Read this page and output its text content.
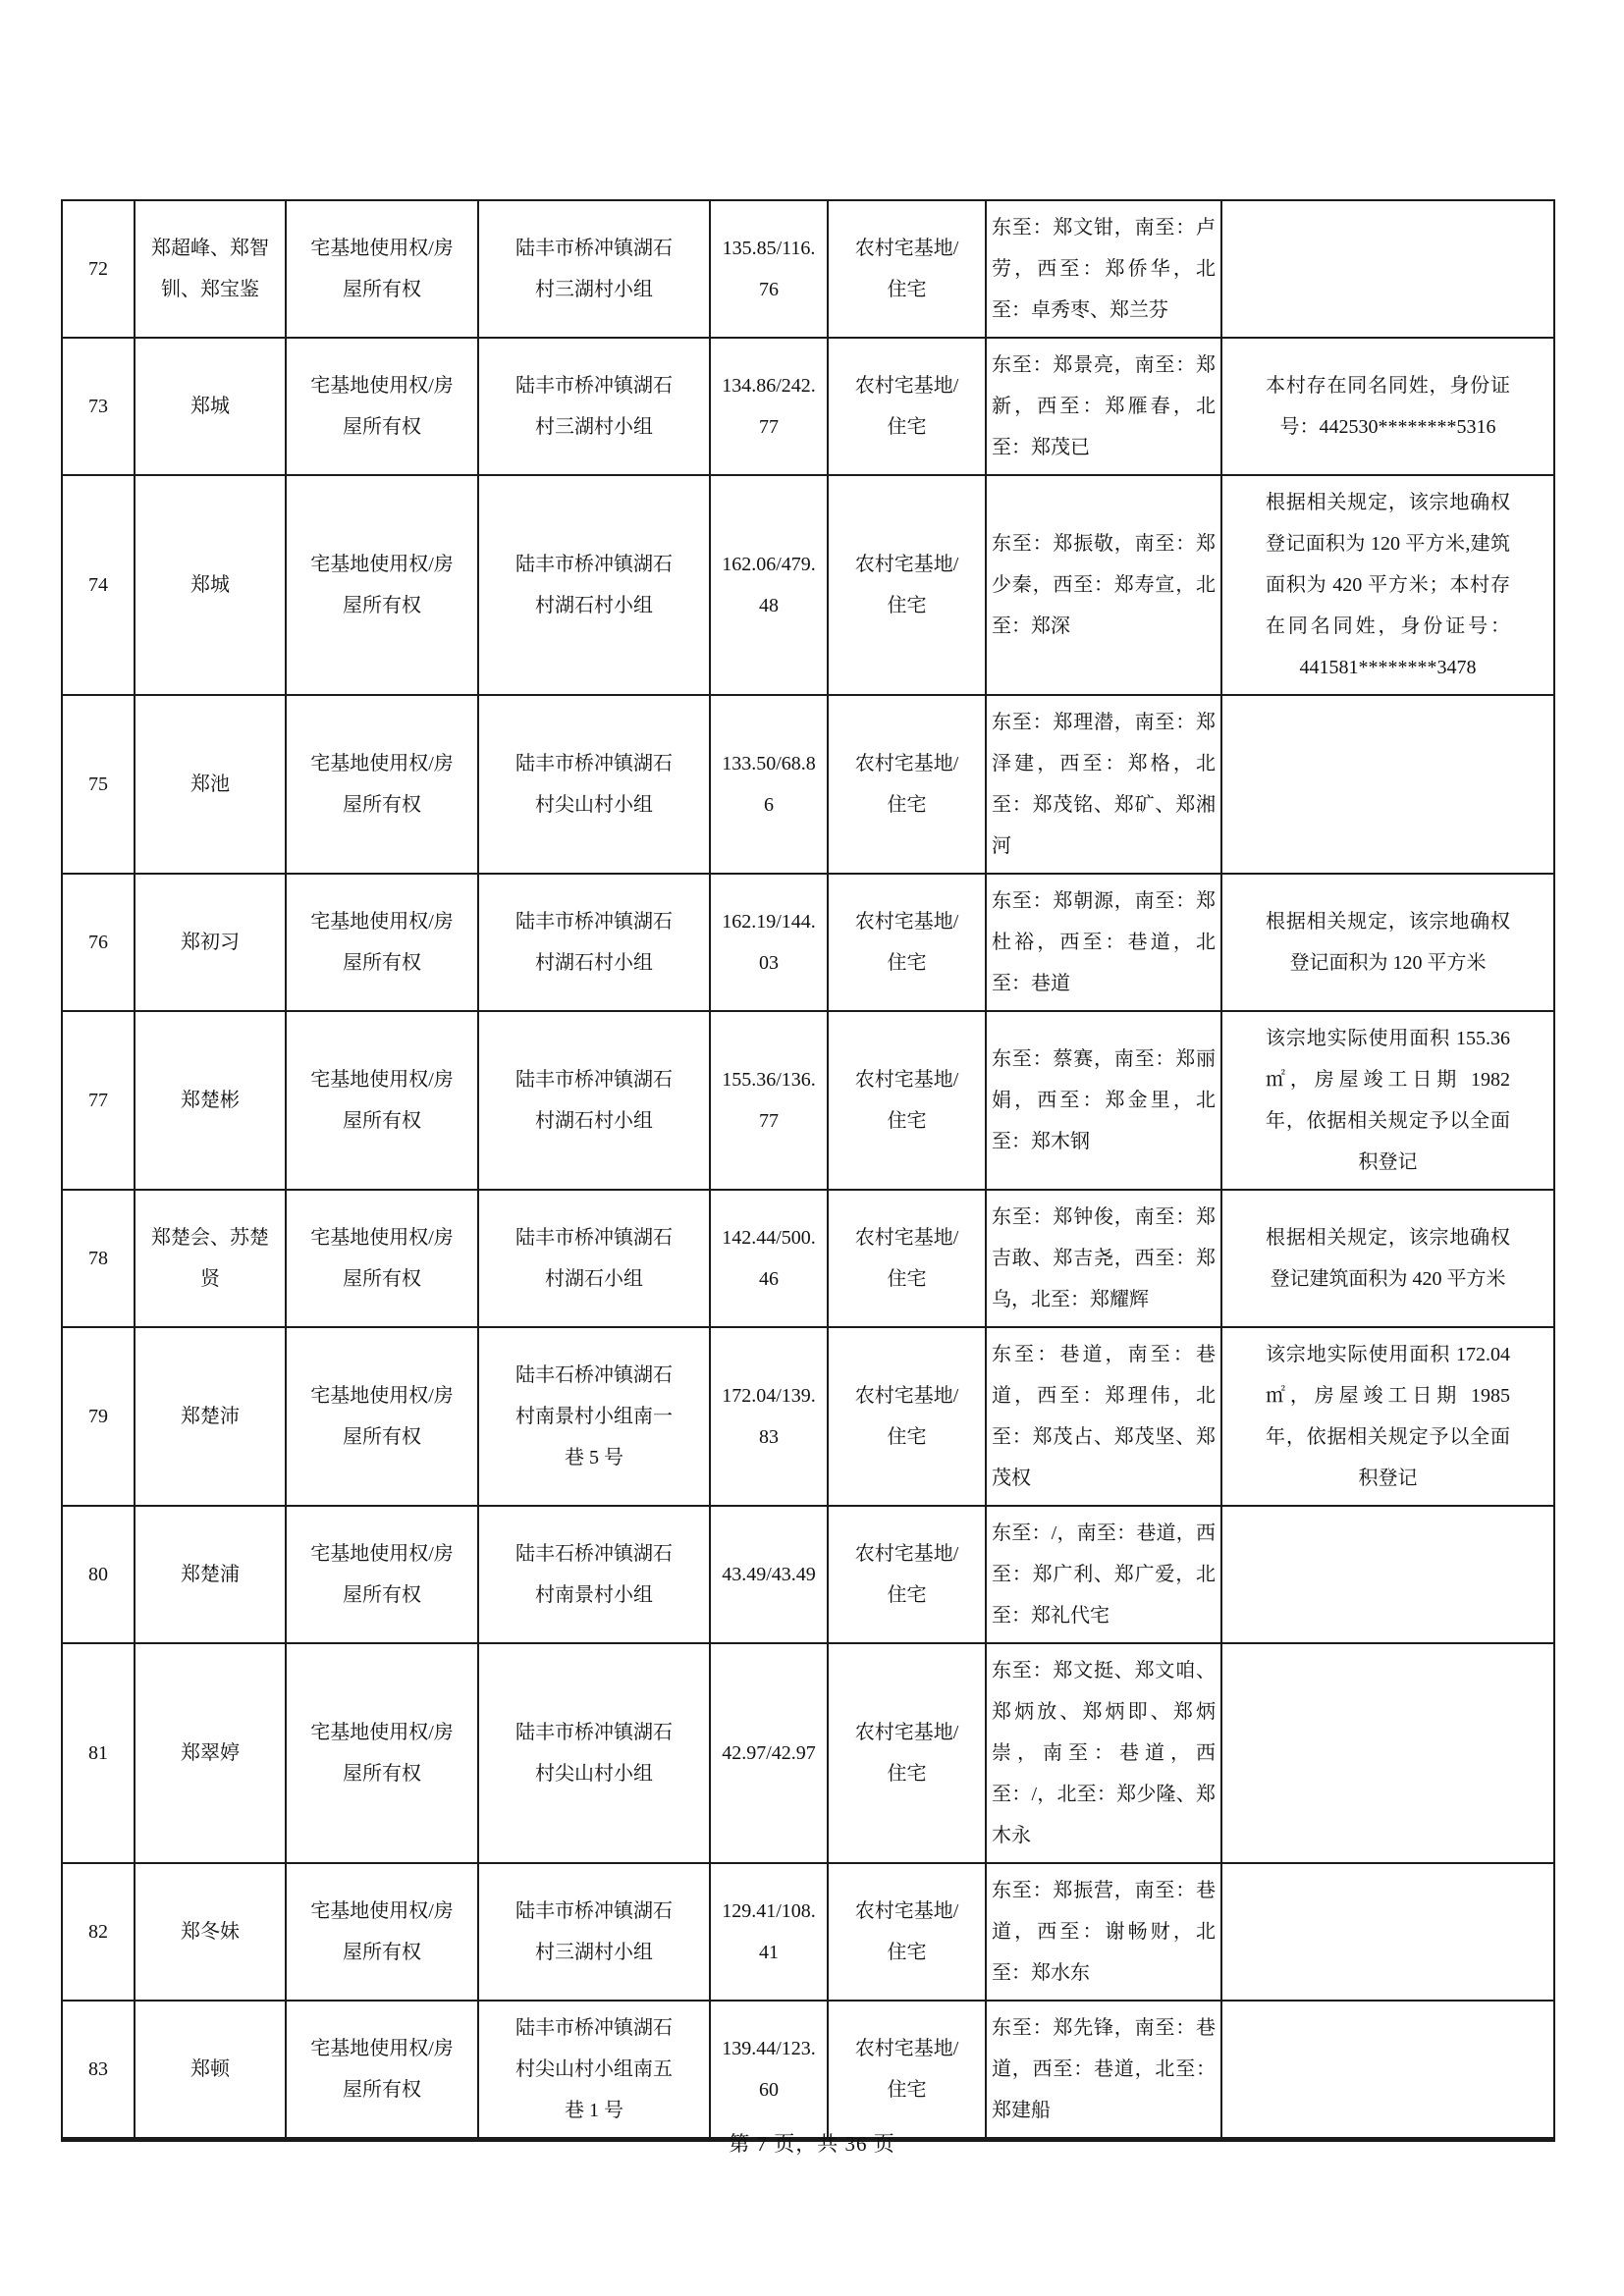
72	郑超峰、郑智钏、郑宝鉴	宅基地使用权/房屋所有权	陆丰市桥冲镇湖石村三湖村小组	135.85/116.76	农村宅基地/住宅	东至：郑文钳，南至：卢劳，西至：郑侨华，北至：卓秀枣、郑兰芬	
73	郑城	宅基地使用权/房屋所有权	陆丰市桥冲镇湖石村三湖村小组	134.86/242.77	农村宅基地/住宅	东至：郑景亮，南至：郑新，西至：郑雁春，北至：郑茂已	本村存在同名同姓，身份证号：442530********5316
74	郑城	宅基地使用权/房屋所有权	陆丰市桥冲镇湖石村湖石村小组	162.06/479.48	农村宅基地/住宅	东至：郑振敬，南至：郑少秦，西至：郑寿宣，北至：郑深	根据相关规定，该宗地确权登记面积为 120 平方米,建筑面积为 420 平方米；本村存在同名同姓，身份证号：441581********3478
75	郑池	宅基地使用权/房屋所有权	陆丰市桥冲镇湖石村尖山村小组	133.50/68.86	农村宅基地/住宅	东至：郑理潜，南至：郑泽建，西至：郑格，北至：郑茂铭、郑矿、郑湘河	
76	郑初习	宅基地使用权/房屋所有权	陆丰市桥冲镇湖石村湖石村小组	162.19/144.03	农村宅基地/住宅	东至：郑朝源，南至：郑杜裕，西至：巷道，北至：巷道	根据相关规定，该宗地确权登记面积为 120 平方米
77	郑楚彬	宅基地使用权/房屋所有权	陆丰市桥冲镇湖石村湖石村小组	155.36/136.77	农村宅基地/住宅	东至：蔡赛，南至：郑丽娟，西至：郑金里，北至：郑木钢	该宗地实际使用面积 155.36㎡，房屋竣工日期 1982 年，依据相关规定予以全面积登记
78	郑楚会、苏楚贤	宅基地使用权/房屋所有权	陆丰市桥冲镇湖石村湖石小组	142.44/500.46	农村宅基地/住宅	东至：郑钟俊，南至：郑吉敢、郑吉尧，西至：郑乌，北至：郑耀辉	根据相关规定，该宗地确权登记建筑面积为 420 平方米
79	郑楚沛	宅基地使用权/房屋所有权	陆丰石桥冲镇湖石村南景村小组南一巷 5 号	172.04/139.83	农村宅基地/住宅	东至：巷道，南至：巷道，西至：郑理伟，北至：郑茂占、郑茂坚、郑茂权	该宗地实际使用面积 172.04㎡，房屋竣工日期 1985 年，依据相关规定予以全面积登记
80	郑楚浦	宅基地使用权/房屋所有权	陆丰石桥冲镇湖石村南景村小组	43.49/43.49	农村宅基地/住宅	东至：/，南至：巷道，西至：郑广利、郑广爱，北至：郑礼代宅	
81	郑翠婷	宅基地使用权/房屋所有权	陆丰市桥冲镇湖石村尖山村小组	42.97/42.97	农村宅基地/住宅	东至：郑文挺、郑文咱、郑炳放、郑炳即、郑炳崇，南至：巷道，西至：/，北至：郑少隆、郑木永	
82	郑冬妹	宅基地使用权/房屋所有权	陆丰市桥冲镇湖石村三湖村小组	129.41/108.41	农村宅基地/住宅	东至：郑振营，南至：巷道，西至：谢畅财，北至：郑水东	
83	郑顿	宅基地使用权/房屋所有权	陆丰市桥冲镇湖石村尖山村小组南五巷 1 号	139.44/123.60	农村宅基地/住宅	东至：郑先锋，南至：巷道，西至：巷道，北至：郑建船	
第 7 页，共 36 页
